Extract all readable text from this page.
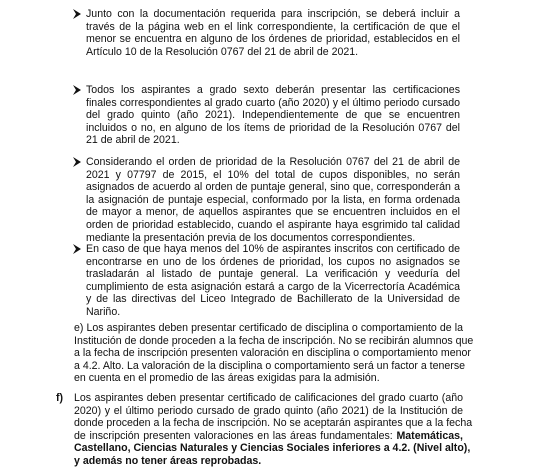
Junto con la documentación requerida para inscripción, se deberá incluir a
través de la página web en el link correspondiente, la certificación de que el
menor se encuentra en alguno de los órdenes de prioridad, establecidos en el
Artículo 10 de la Resolución 0767 del 21 de abril de 2021.
Todos los aspirantes a grado sexto deberán presentar las certificaciones
finales correspondientes al grado cuarto (año 2020) y el último periodo cursado
del grado quinto (año 2021). Independientemente de que se encuentren
incluidos o no, en alguno de los ítems de prioridad de la Resolución 0767 del
21 de abril de 2021.
Considerando el orden de prioridad de la Resolución 0767 del 21 de abril de
2021 y 07797 de 2015, el 10% del total de cupos disponibles, no serán
asignados de acuerdo al orden de puntaje general, sino que, corresponderán a
la asignación de puntaje especial, conformado por la lista, en forma ordenada
de mayor a menor, de aquellos aspirantes que se encuentren incluidos en el
orden de prioridad establecido, cuando el aspirante haya esgrimido tal calidad
mediante la presentación previa de los documentos correspondientes.
En caso de que haya menos del 10% de aspirantes inscritos con certificado de
encontrarse en uno de los órdenes de prioridad, los cupos no asignados se
trasladarán al listado de puntaje general. La verificación y veeduría del
cumplimiento de esta asignación estará a cargo de la Vicerrectoría Académica
y de las directivas del Liceo Integrado de Bachillerato de la Universidad de
Nariño.
e) Los aspirantes deben presentar certificado de disciplina o comportamiento de la
Institución de donde proceden a la fecha de inscripción. No se recibirán alumnos que
a la fecha de inscripción presenten valoración en disciplina o comportamiento menor
a 4.2. Alto. La valoración de la disciplina o comportamiento será un factor a tenerse
en cuenta en el promedio de las áreas exigidas para la admisión.
f) Los aspirantes deben presentar certificado de calificaciones del grado cuarto (año
2020) y el último periodo cursado de grado quinto (año 2021) de la Institución de
donde proceden a la fecha de inscripción. No se aceptarán aspirantes que a la fecha
de inscripción presenten valoraciones en las áreas fundamentales: Matemáticas,
Castellano, Ciencias Naturales y Ciencias Sociales inferiores a 4.2. (Nivel alto),
y además no tener áreas reprobadas.
